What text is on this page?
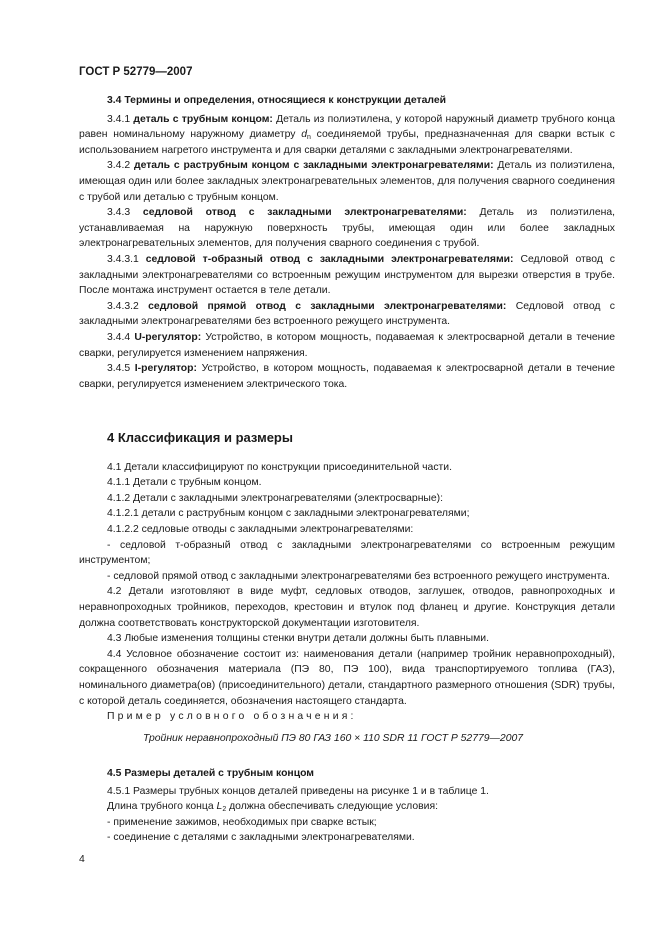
ГОСТ Р 52779—2007
3.4 Термины и определения, относящиеся к конструкции деталей
3.4.1 деталь с трубным концом: Деталь из полиэтилена, у которой наружный диаметр трубного конца равен номинальному наружному диаметру $d_n$ соединяемой трубы, предназначенная для сварки встык с использованием нагретого инструмента и для сварки деталями с закладными электронагревателями.
3.4.2 деталь с раструбным концом с закладными электронагревателями: Деталь из полиэтилена, имеющая один или более закладных электронагревательных элементов, для получения сварного соединения с трубой или деталью с трубным концом.
3.4.3 седловой отвод с закладными электронагревателями: Деталь из полиэтилена, устанавливаемая на наружную поверхность трубы, имеющая один или более закладных электронагревательных элементов, для получения сварного соединения с трубой.
3.4.3.1 седловой т-образный отвод с закладными электронагревателями: Седловой отвод с закладными электронагревателями со встроенным режущим инструментом для вырезки отверстия в трубе. После монтажа инструмент остается в теле детали.
3.4.3.2 седловой прямой отвод с закладными электронагревателями: Седловой отвод с закладными электронагревателями без встроенного режущего инструмента.
3.4.4 U-регулятор: Устройство, в котором мощность, подаваемая к электросварной детали в течение сварки, регулируется изменением напряжения.
3.4.5 I-регулятор: Устройство, в котором мощность, подаваемая к электросварной детали в течение сварки, регулируется изменением электрического тока.
4 Классификация и размеры
4.1 Детали классифицируют по конструкции присоединительной части.
4.1.1 Детали с трубным концом.
4.1.2 Детали с закладными электронагревателями (электросварные):
4.1.2.1 детали с раструбным концом с закладными электронагревателями;
4.1.2.2 седловые отводы с закладными электронагревателями:
- седловой т-образный отвод с закладными электронагревателями со встроенным режущим инструментом;
- седловой прямой отвод с закладными электронагревателями без встроенного режущего инструмента.
4.2 Детали изготовляют в виде муфт, седловых отводов, заглушек, отводов, равнопроходных и неравнопроходных тройников, переходов, крестовин и втулок под фланец и другие. Конструкция детали должна соответствовать конструкторской документации изготовителя.
4.3 Любые изменения толщины стенки внутри детали должны быть плавными.
4.4 Условное обозначение состоит из: наименования детали (например тройник неравнопроходный), сокращенного обозначения материала (ПЭ 80, ПЭ 100), вида транспортируемого топлива (ГАЗ), номинального диаметра(ов) (присоединительного) детали, стандартного размерного отношения (SDR) трубы, с которой деталь соединяется, обозначения настоящего стандарта.
Пример условного обозначения:
Тройник неравнопроходный ПЭ 80 ГАЗ 160 × 110 SDR 11 ГОСТ Р 52779—2007
4.5 Размеры деталей с трубным концом
4.5.1 Размеры трубных концов деталей приведены на рисунке 1 и в таблице 1.
Длина трубного конца $L_2$ должна обеспечивать следующие условия:
- применение зажимов, необходимых при сварке встык;
- соединение с деталями с закладными электронагревателями.
4
